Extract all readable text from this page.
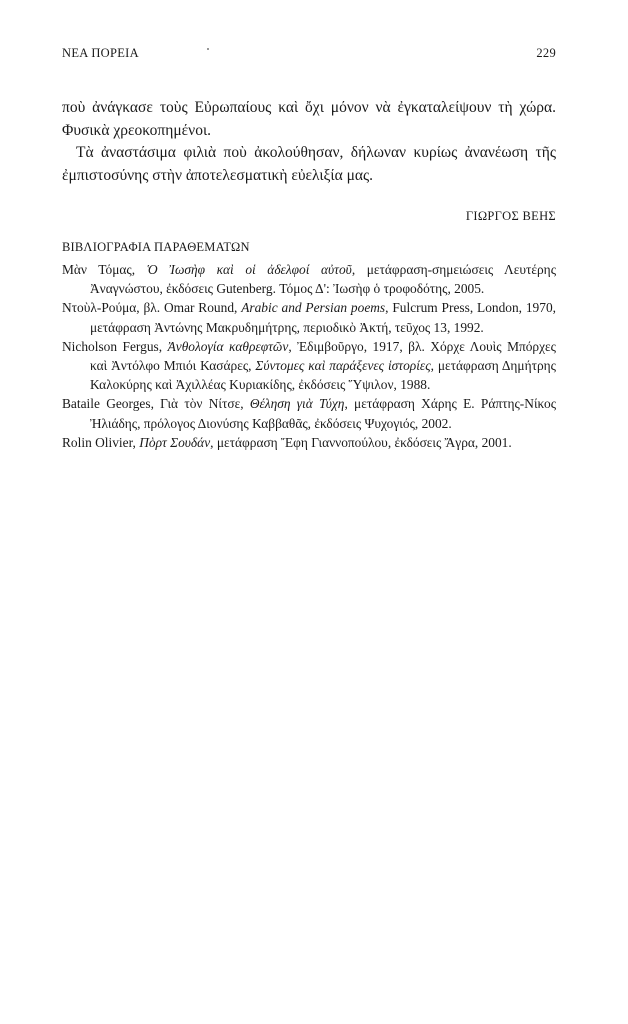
ΝΕΑ ΠΟΡΕΙΑ	229

ποὺ ἀνάγκασε τοὺς Εὐρωπαίους καὶ ὄχι μόνον νὰ ἐγκαταλείψουν τὴ χώρα. Φυσικὰ χρεοκοπημένοι.

Τὰ ἀναστάσιμα φιλιὰ ποὺ ἀκολούθησαν, δήλωναν κυρίως ἀνανέωση τῆς ἐμπιστοσύνης στὴν ἀποτελεσματικὴ εὐελιξία μας.

ΓΙΩΡΓΟΣ ΒΕΗΣ
ΒΙΒΛΙΟΓΡΑΦΙΑ ΠΑΡΑΘΕΜΑΤΩΝ

Μὰν Τόμας, Ὁ Ἰωσὴφ καὶ οἱ ἀδελφοί αὐτοῦ, μετάφραση-σημειώσεις Λευτέρης Ἀναγνώστου, ἐκδόσεις Gutenberg. Τόμος Δ': Ἰωσὴφ ὁ τροφοδότης, 2005.

Ντοὺλ-Ρούμα, βλ. Omar Round, Arabic and Persian poems, Fulcrum Press, London, 1970, μετάφραση Ἀντώνης Μακρυδημήτρης, περιοδικὸ Ἀκτή, τεῦχος 13, 1992.

Nicholson Fergus, Ἀνθολογία καθρεφτῶν, Ἐδιμβοῦργο, 1917, βλ. Χόρχε Λουὶς Μπόρχες καὶ Ἀντόλφο Μπιόι Κασάρες, Σύντομες καὶ παράξενες ἱστορίες, μετάφραση Δημήτρης Καλοκύρης καὶ Ἀχιλλέας Κυριακίδης, ἐκδόσεις Ὕψιλον, 1988.

Bataile Georges, Γιὰ τὸν Νίτσε, Θέληση γιὰ Τύχη, μετάφραση Χάρης Ε. Ράπτης-Νίκος Ἠλιάδης, πρόλογος Διονύσης Καββαθᾶς, ἐκδόσεις Ψυχογιός, 2002.

Rolin Olivier, Πὸρτ Σουδάν, μετάφραση Ἔφη Γιαννοπούλου, ἐκδόσεις Ἄγρα, 2001.
